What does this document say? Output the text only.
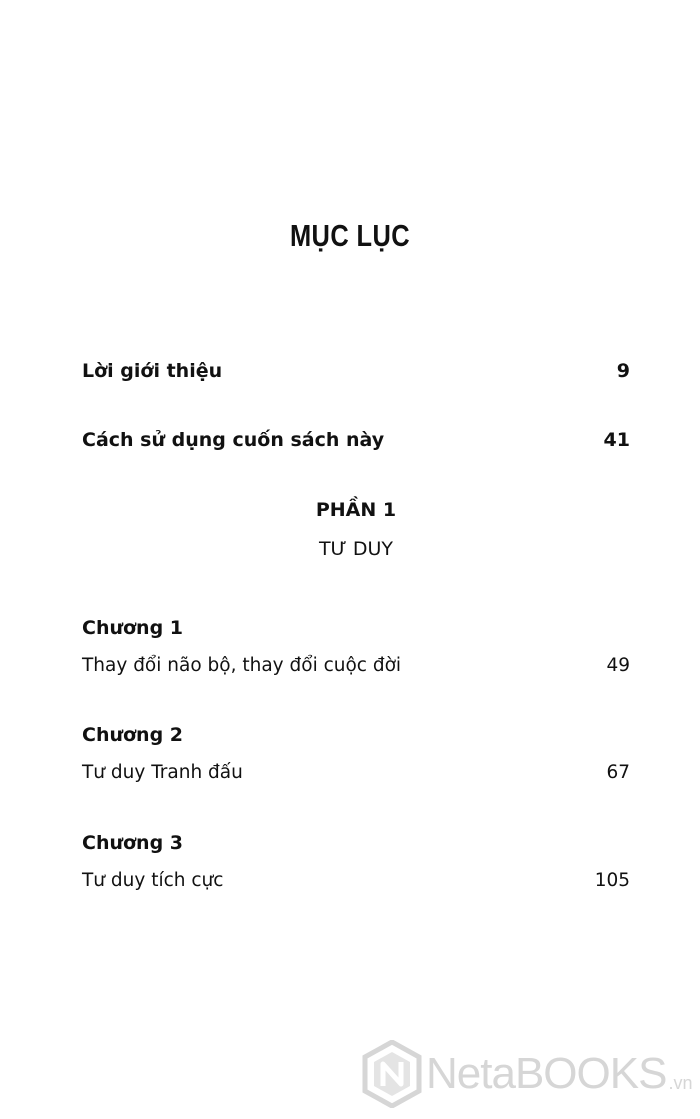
MỤC LỤC
Lời giới thiệu	9
Cách sử dụng cuốn sách này	41
PHẦN 1
TƯ DUY
Chương 1
Thay đổi não bộ, thay đổi cuộc đời	49
Chương 2
Tư duy Tranh đấu	67
Chương 3
Tư duy tích cực	105
NetaBOOKS .vn
